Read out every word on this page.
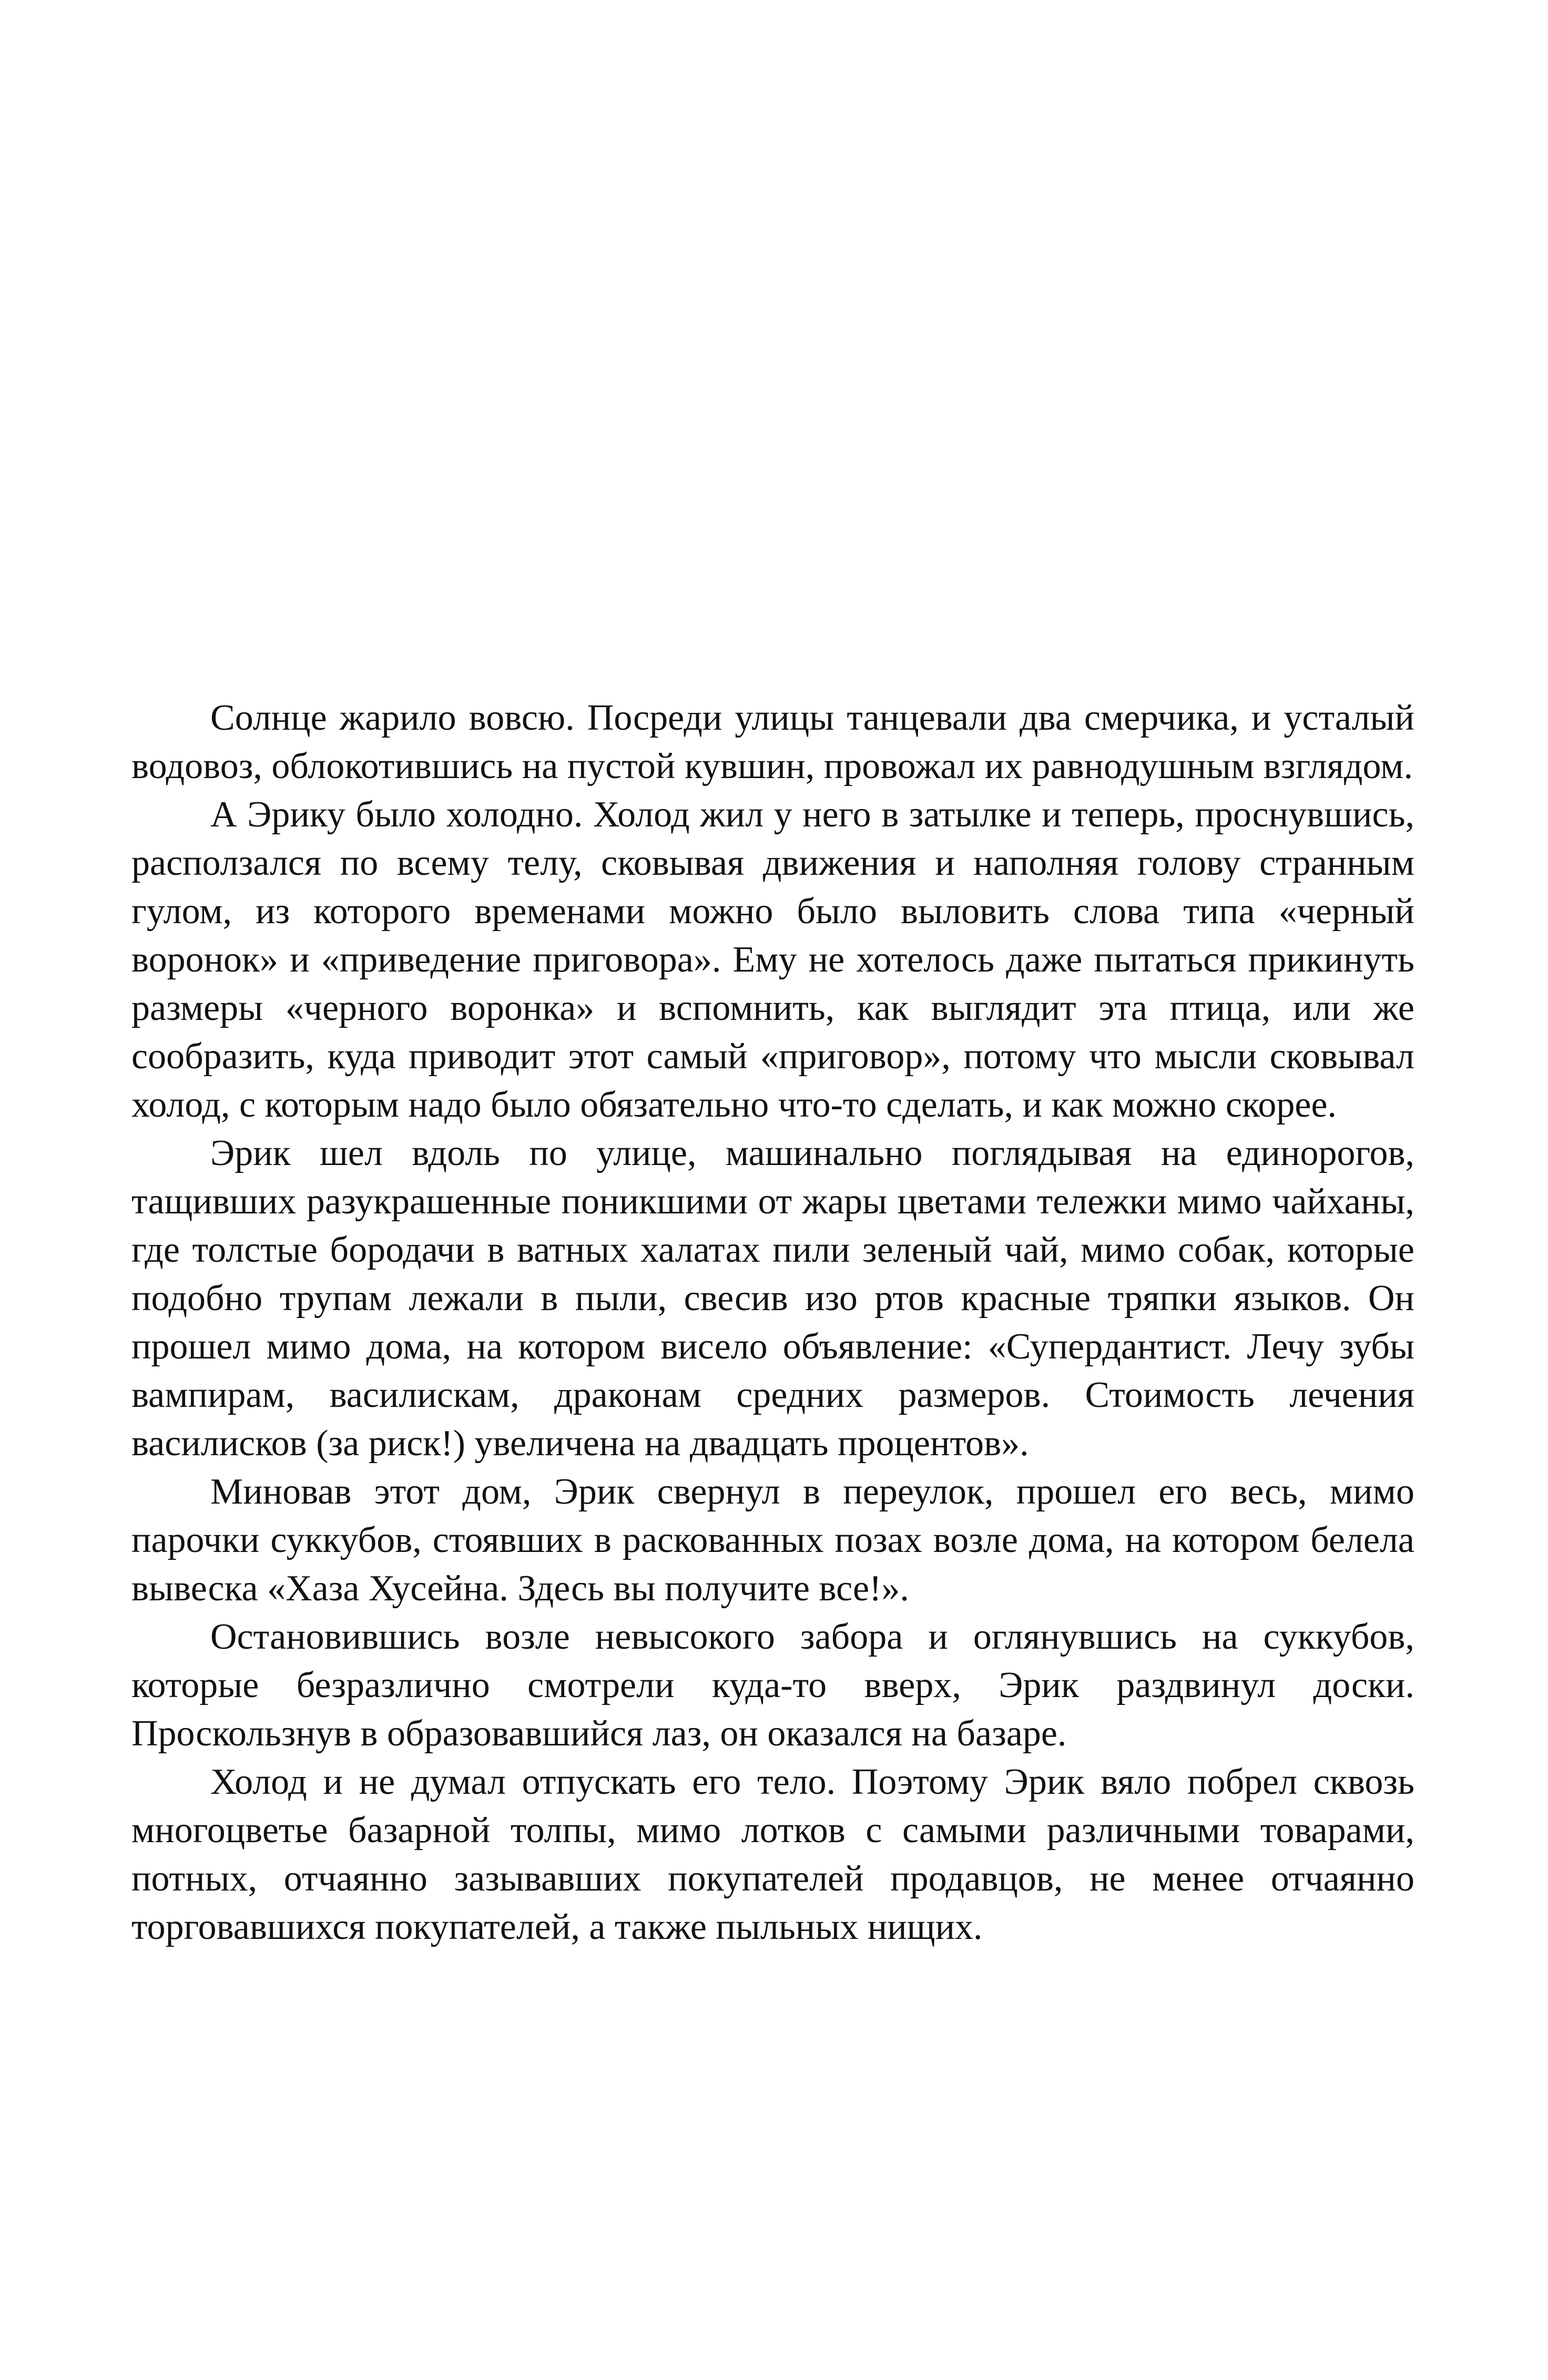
Солнце жарило вовсю. Посреди улицы танцевали два смерчика, и усталый водовоз, облокотившись на пустой кувшин, провожал их равнодушным взглядом.

А Эрику было холодно. Холод жил у него в затылке и теперь, проснувшись, расползался по всему телу, сковывая движения и наполняя голову странным гулом, из которого временами можно было выловить слова типа «черный воронок» и «приведение приговора». Ему не хотелось даже пытаться прикинуть размеры «черного воронка» и вспомнить, как выглядит эта птица, или же сообразить, куда приводит этот самый «приговор», потому что мысли сковывал холод, с которым надо было обязательно что-то сделать, и как можно скорее.

Эрик шел вдоль по улице, машинально поглядывая на единорогов, тащивших разукрашенные поникшими от жары цветами тележки мимо чайханы, где толстые бородачи в ватных халатах пили зеленый чай, мимо собак, которые подобно трупам лежали в пыли, свесив изо ртов красные тряпки языков. Он прошел мимо дома, на котором висело объявление: «Супердантист. Лечу зубы вампирам, василискам, драконам средних размеров. Стоимость лечения василисков (за риск!) увеличена на двадцать процентов».

Миновав этот дом, Эрик свернул в переулок, прошел его весь, мимо парочки суккубов, стоявших в раскованных позах возле дома, на котором белела вывеска «Хаза Хусейна. Здесь вы получите все!».

Остановившись возле невысокого забора и оглянувшись на суккубов, которые безразлично смотрели куда-то вверх, Эрик раздвинул доски. Проскользнув в образовавшийся лаз, он оказался на базаре.

Холод и не думал отпускать его тело. Поэтому Эрик вяло побрел сквозь многоцветье базарной толпы, мимо лотков с самыми различными товарами, потных, отчаянно зазывавших покупателей продавцов, не менее отчаянно торговавшихся покупателей, а также пыльных нищих.
